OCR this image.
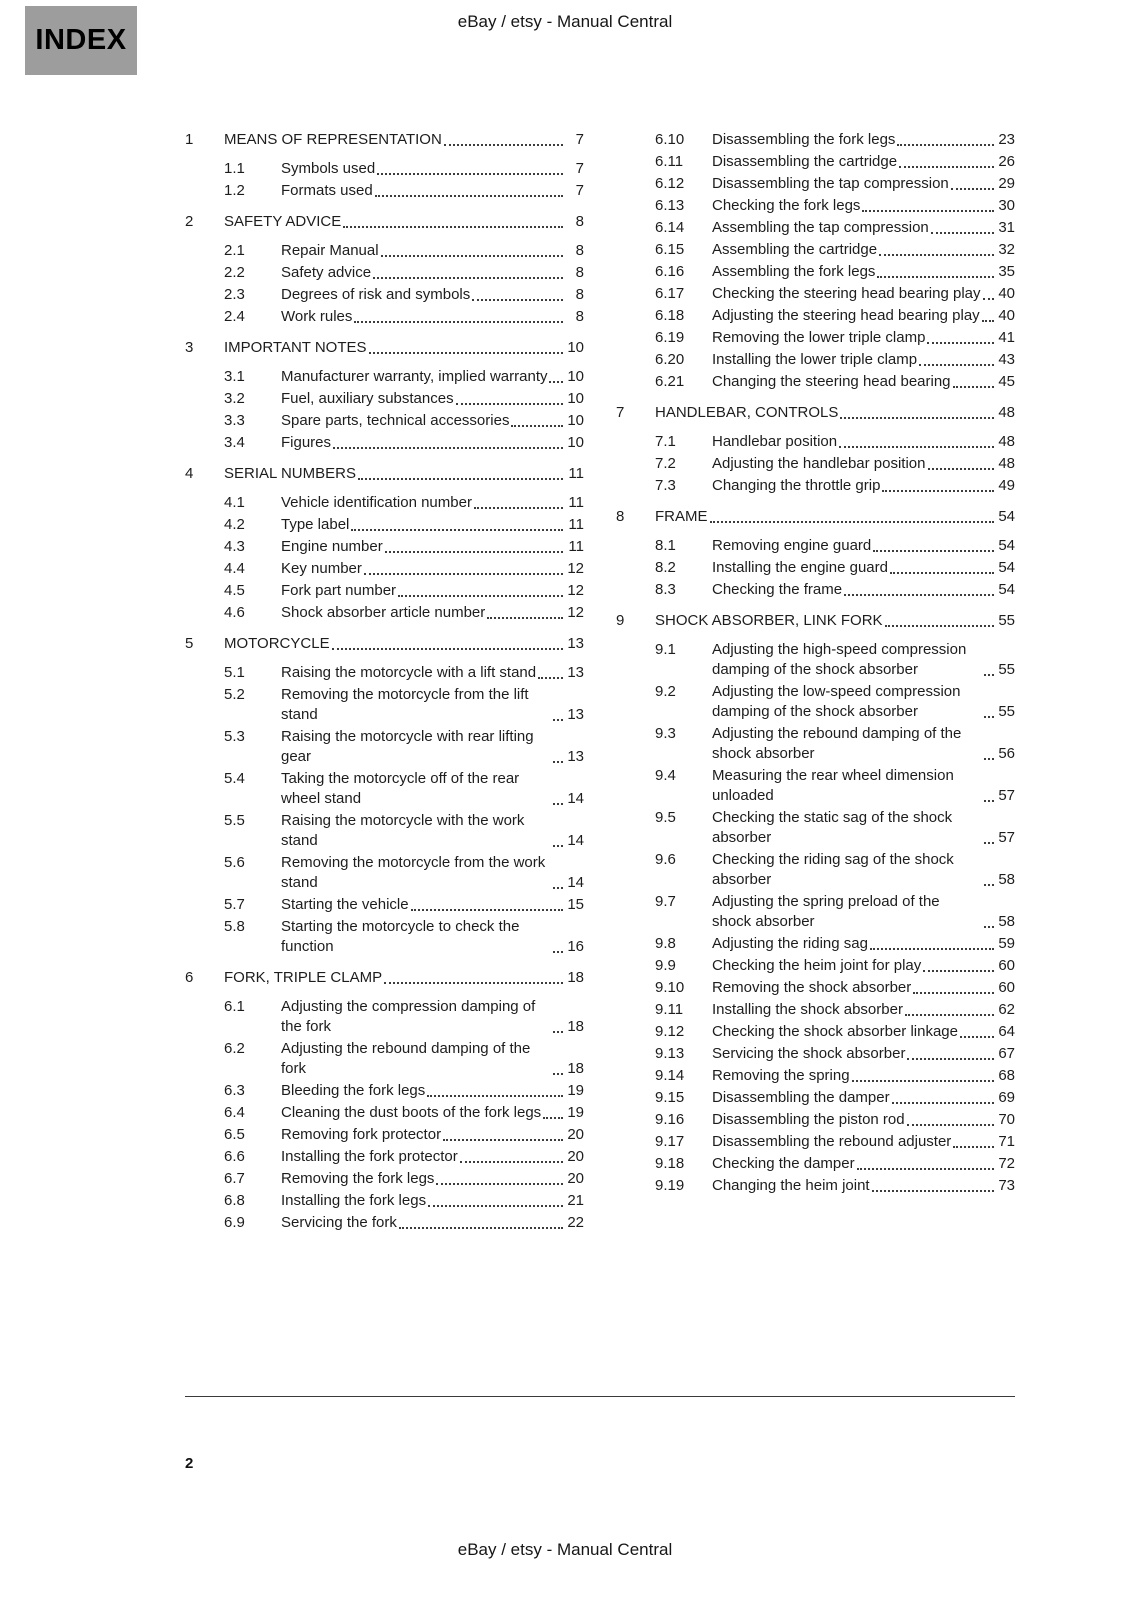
INDEX
eBay / etsy - Manual Central
1	MEANS OF REPRESENTATION	7
1.1	Symbols used	7
1.2	Formats used	7
2	SAFETY ADVICE	8
2.1	Repair Manual	8
2.2	Safety advice	8
2.3	Degrees of risk and symbols	8
2.4	Work rules	8
3	IMPORTANT NOTES	10
3.1	Manufacturer warranty, implied warranty 10
3.2	Fuel, auxiliary substances	10
3.3	Spare parts, technical accessories	10
3.4	Figures	10
4	SERIAL NUMBERS	11
4.1	Vehicle identification number	11
4.2	Type label	11
4.3	Engine number	11
4.4	Key number	12
4.5	Fork part number	12
4.6	Shock absorber article number	12
5	MOTORCYCLE	13
5.1	Raising the motorcycle with a lift stand 13
5.2	Removing the motorcycle from the lift stand	13
5.3	Raising the motorcycle with rear lifting gear	13
5.4	Taking the motorcycle off of the rear wheel stand	14
5.5	Raising the motorcycle with the work stand	14
5.6	Removing the motorcycle from the work stand	14
5.7	Starting the vehicle	15
5.8	Starting the motorcycle to check the function	16
6	FORK, TRIPLE CLAMP	18
6.1	Adjusting the compression damping of the fork	18
6.2	Adjusting the rebound damping of the fork	18
6.3	Bleeding the fork legs	19
6.4	Cleaning the dust boots of the fork legs 19
6.5	Removing fork protector	20
6.6	Installing the fork protector	20
6.7	Removing the fork legs	20
6.8	Installing the fork legs	21
6.9	Servicing the fork	22
6.10	Disassembling the fork legs	23
6.11	Disassembling the cartridge	26
6.12	Disassembling the tap compression	29
6.13	Checking the fork legs	30
6.14	Assembling the tap compression	31
6.15	Assembling the cartridge	32
6.16	Assembling the fork legs	35
6.17	Checking the steering head bearing play 40
6.18	Adjusting the steering head bearing play 40
6.19	Removing the lower triple clamp	41
6.20	Installing the lower triple clamp	43
6.21	Changing the steering head bearing	45
7	HANDLEBAR, CONTROLS	48
7.1	Handlebar position	48
7.2	Adjusting the handlebar position	48
7.3	Changing the throttle grip	49
8	FRAME	54
8.1	Removing engine guard	54
8.2	Installing the engine guard	54
8.3	Checking the frame	54
9	SHOCK ABSORBER, LINK FORK	55
9.1	Adjusting the high-speed compression damping of the shock absorber	55
9.2	Adjusting the low-speed compression damping of the shock absorber	55
9.3	Adjusting the rebound damping of the shock absorber	56
9.4	Measuring the rear wheel dimension unloaded	57
9.5	Checking the static sag of the shock absorber	57
9.6	Checking the riding sag of the shock absorber	58
9.7	Adjusting the spring preload of the shock absorber	58
9.8	Adjusting the riding sag	59
9.9	Checking the heim joint for play	60
9.10	Removing the shock absorber	60
9.11	Installing the shock absorber	62
9.12	Checking the shock absorber linkage	64
9.13	Servicing the shock absorber	67
9.14	Removing the spring	68
9.15	Disassembling the damper	69
9.16	Disassembling the piston rod	70
9.17	Disassembling the rebound adjuster	71
9.18	Checking the damper	72
9.19	Changing the heim joint	73
2
eBay / etsy - Manual Central
